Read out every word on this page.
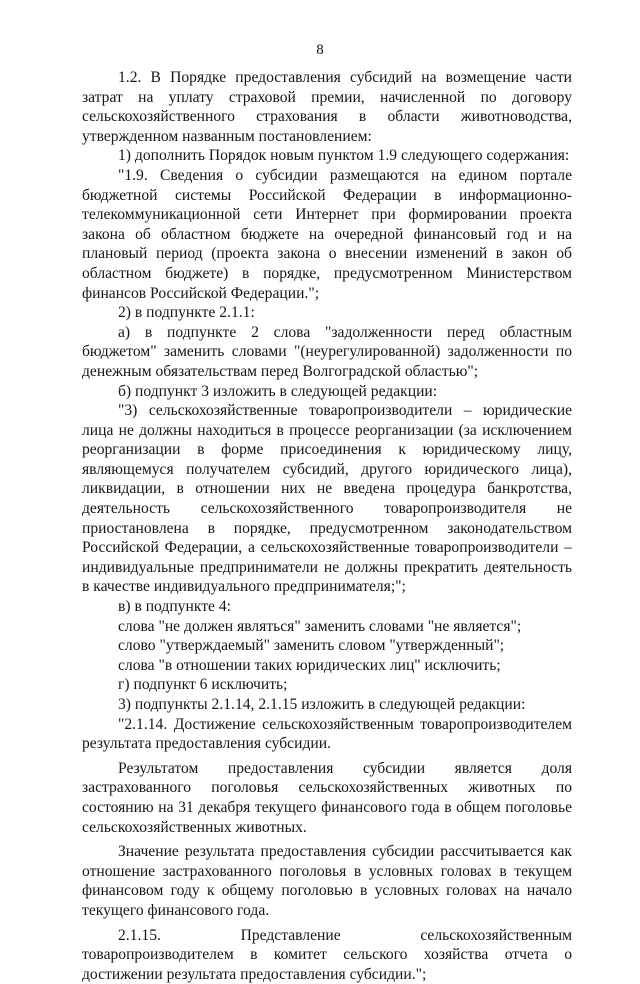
8

1.2. В Порядке предоставления субсидий на возмещение части затрат на уплату страховой премии, начисленной по договору сельскохозяйственного страхования в области животноводства, утвержденном названным постановлением:

1) дополнить Порядок новым пунктом 1.9 следующего содержания:

"1.9. Сведения о субсидии размещаются на едином портале бюджетной системы Российской Федерации в информационно-телекоммуникационной сети Интернет при формировании проекта закона об областном бюджете на очередной финансовый год и на плановый период (проекта закона о внесении изменений в закон об областном бюджете) в порядке, предусмотренном Министерством финансов Российской Федерации.";

2) в подпункте 2.1.1:

а) в подпункте 2 слова "задолженности перед областным бюджетом" заменить словами "(неурегулированной) задолженности по денежным обязательствам перед Волгоградской областью";

б) подпункт 3 изложить в следующей редакции:

"3) сельскохозяйственные товаропроизводители – юридические лица не должны находиться в процессе реорганизации (за исключением реорганизации в форме присоединения к юридическому лицу, являющемуся получателем субсидий, другого юридического лица), ликвидации, в отношении них не введена процедура банкротства, деятельность сельскохозяйственного товаропроизводителя не приостановлена в порядке, предусмотренном законодательством Российской Федерации, а сельскохозяйственные товаропроизводители – индивидуальные предприниматели не должны прекратить деятельность в качестве индивидуального предпринимателя;";

в) в подпункте 4:

слова "не должен являться" заменить словами "не является";

слово "утверждаемый" заменить словом "утвержденный";

слова "в отношении таких юридических лиц" исключить;

г) подпункт 6 исключить;

3) подпункты 2.1.14, 2.1.15 изложить в следующей редакции:

"2.1.14. Достижение сельскохозяйственным товаропроизводителем результата предоставления субсидии.

Результатом предоставления субсидии является доля застрахованного поголовья сельскохозяйственных животных по состоянию на 31 декабря текущего финансового года в общем поголовье сельскохозяйственных животных.

Значение результата предоставления субсидии рассчитывается как отношение застрахованного поголовья в условных головах в текущем финансовом году к общему поголовью в условных головах на начало текущего финансового года.

2.1.15. Представление сельскохозяйственным товаропроизводителем в комитет сельского хозяйства отчета о достижении результата предоставления субсидии.";
